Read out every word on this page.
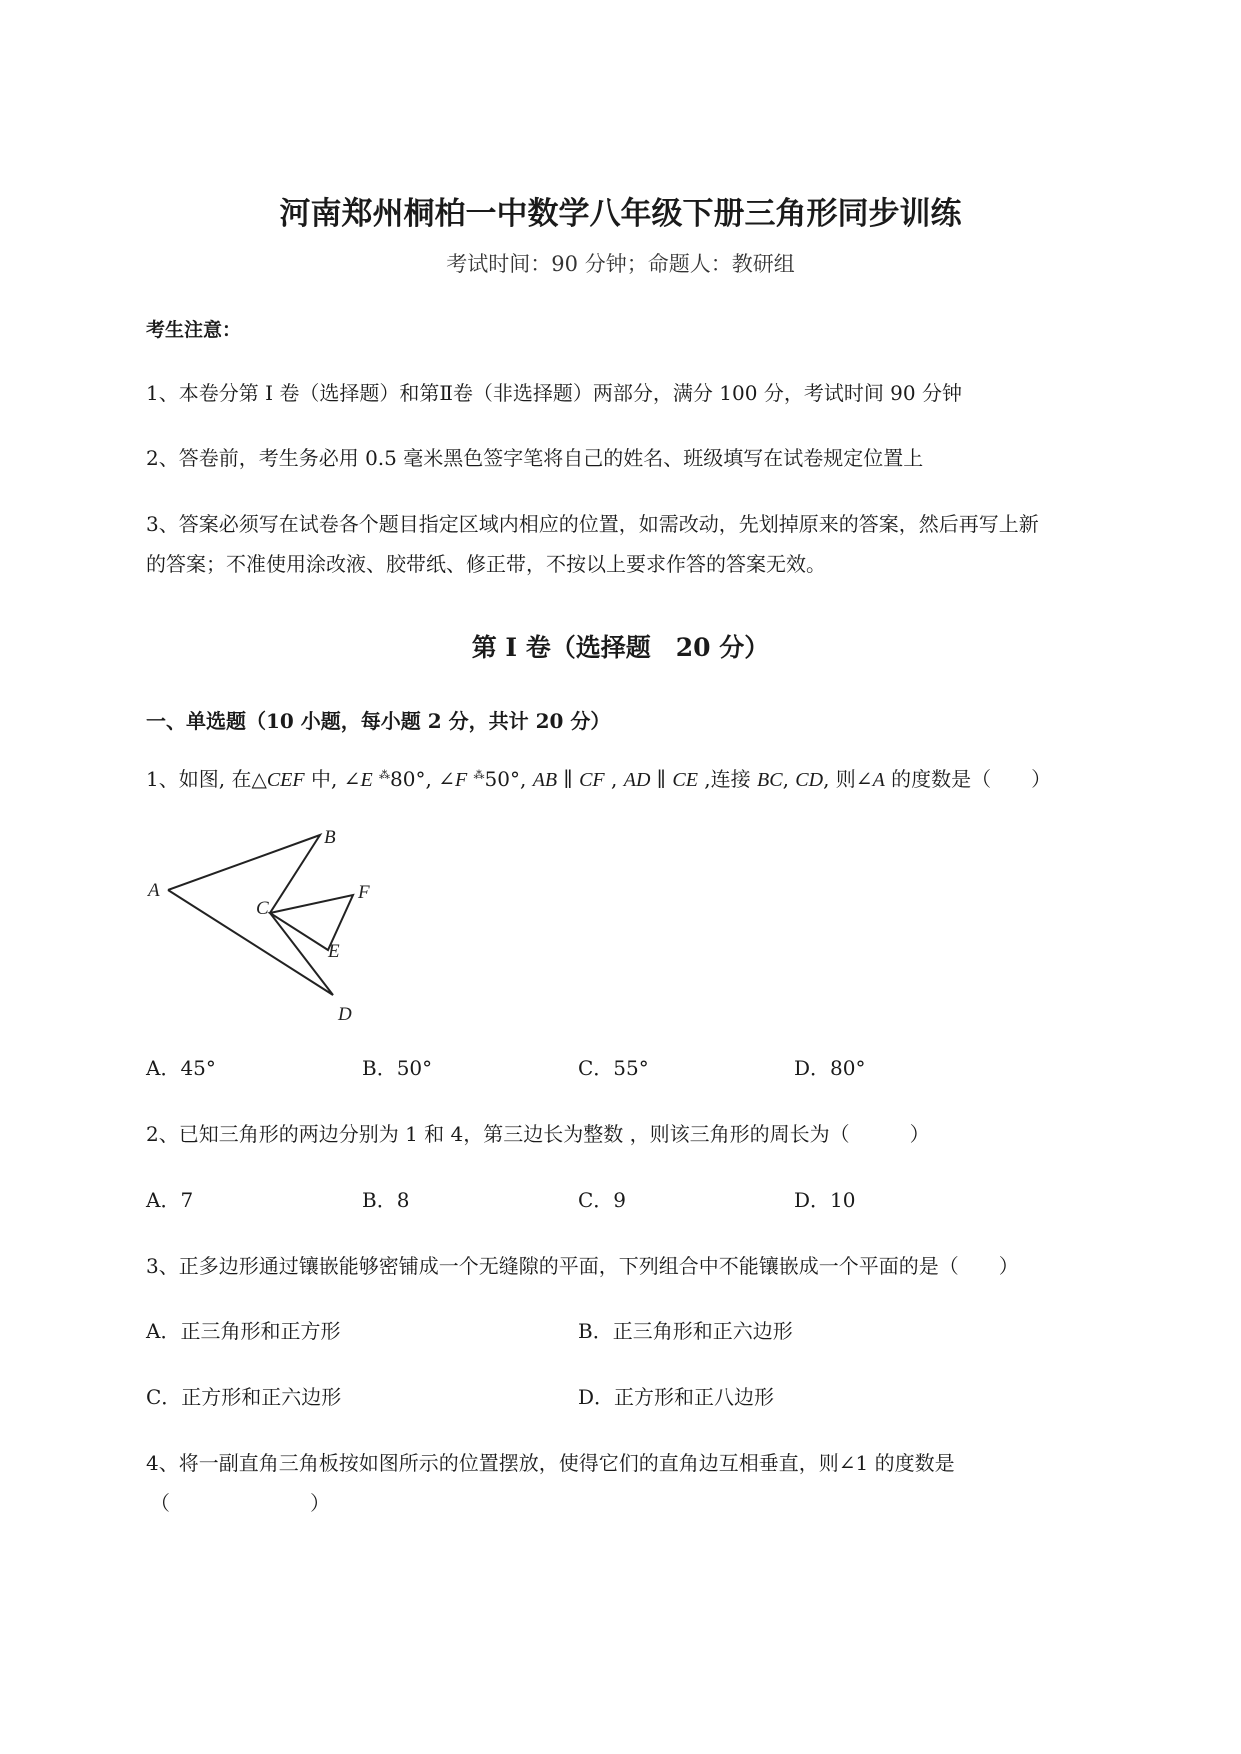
河南郑州桐柏一中数学八年级下册三角形同步训练
考试时间：90 分钟；命题人：教研组
考生注意：
1、本卷分第 I 卷（选择题）和第Ⅱ卷（非选择题）两部分，满分 100 分，考试时间 90 分钟
2、答卷前，考生务必用 0.5 毫米黑色签字笔将自己的姓名、班级填写在试卷规定位置上
3、答案必须写在试卷各个题目指定区域内相应的位置，如需改动，先划掉原来的答案，然后再写上新
的答案；不准使用涂改液、胶带纸、修正带，不按以上要求作答的答案无效。
第 I 卷（选择题　20 分）
一、单选题（10 小题，每小题 2 分，共计 20 分）
1、如图, 在△CEF 中, ∠E ⁂80°, ∠F ⁂50°, AB ∥ CF , AD ∥ CE ,连接 BC, CD, 则∠A 的度数是（　　）
A
B
C
D
E
F
A．45°	B．50°	C．55°	D．80°
2、已知三角形的两边分别为 1 和 4，第三边长为整数 ，则该三角形的周长为（　　　）
A．7	B．8	C．9	D．10
3、正多边形通过镶嵌能够密铺成一个无缝隙的平面，下列组合中不能镶嵌成一个平面的是（　　）
A．正三角形和正方形	B．正三角形和正六边形
C．正方形和正六边形	D．正方形和正八边形
4、将一副直角三角板按如图所示的位置摆放，使得它们的直角边互相垂直，则∠1 的度数是
（　　　　　　　）
